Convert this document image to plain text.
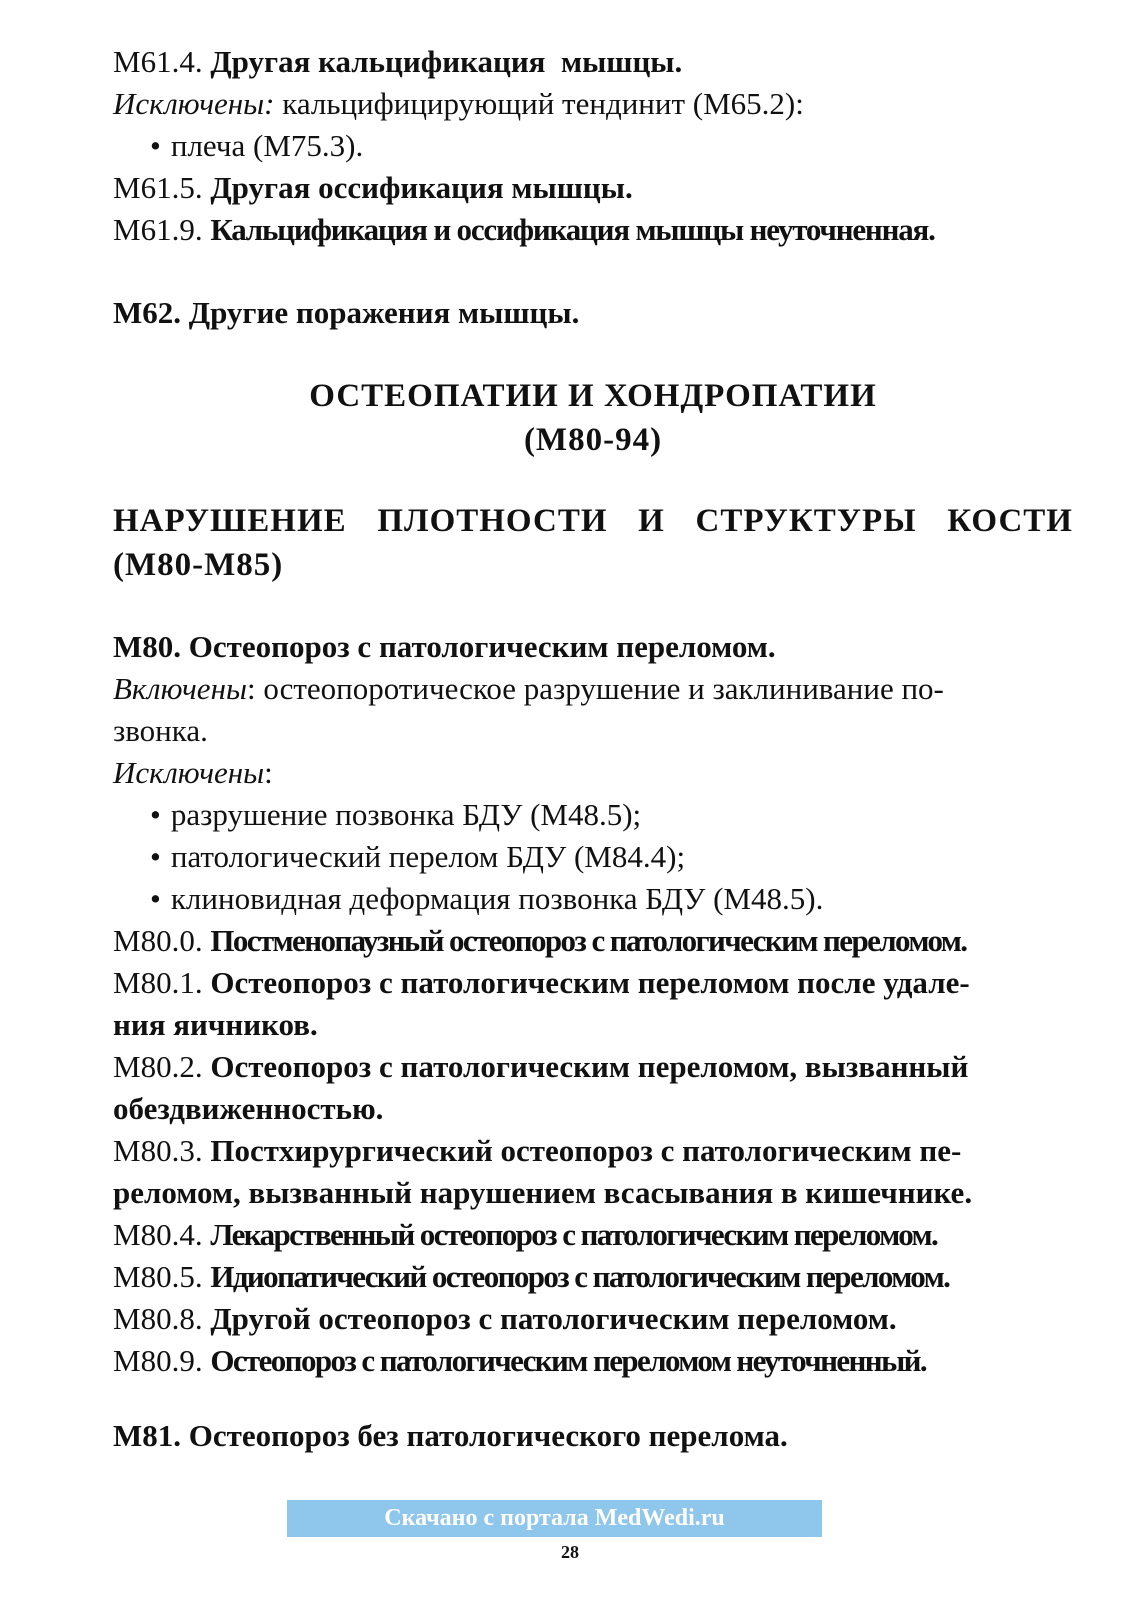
M61.4. Другая кальцификация  мышцы.
Исключены: кальцифицирующий тендинит (M65.2):
• плеча (M75.3).
M61.5. Другая оссификация мышцы.
M61.9. Кальцификация и оссификация мышцы неуточненная.
M62. Другие поражения мышцы.
ОСТЕОПАТИИ И ХОНДРОПАТИИ
(M80-94)
НАРУШЕНИЕ ПЛОТНОСТИ И СТРУКТУРЫ КОСТИ
(M80-M85)
M80. Остеопороз с патологическим переломом.
Включены: остеопоротическое разрушение и заклинивание по-
звонка.
Исключены:
• разрушение позвонка БДУ (M48.5);
• патологический перелом БДУ (M84.4);
• клиновидная деформация позвонка БДУ (M48.5).
M80.0. Постменопаузный остеопороз с патологическим переломом.
M80.1. Остеопороз с патологическим переломом после удале-
ния яичников.
M80.2. Остеопороз с патологическим переломом, вызванный
обездвиженностью.
M80.3. Постхирургический остеопороз с патологическим пе-
реломом, вызванный нарушением всасывания в кишечнике.
M80.4. Лекарственный остеопороз с патологическим переломом.
M80.5. Идиопатический остеопороз с патологическим переломом.
M80.8. Другой остеопороз с патологическим переломом.
M80.9. Остеопороз с патологическим переломом неуточненный.
M81. Остеопороз без патологического перелома.
Скачано с портала MedWedi.ru
28
